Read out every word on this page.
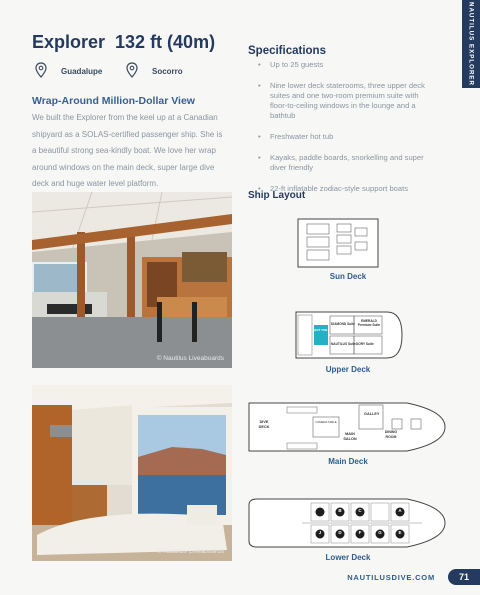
NAUTILUS EXPLORER
Explorer 132 ft (40m)
Guadalupe	Socorro
Wrap-Around Million-Dollar View
We built the Explorer from the keel up at a Canadian
shipyard as a SOLAS-certified passenger ship. She is
a beautiful strong sea-kindly boat. We love her wrap
around windows on the main deck, super large dive
deck and huge water level platform.
Specifications
• Up to 25 guests
• Nine lower deck staterooms, three upper deck suites and one two-room premium suite with floor-to-ceiling windows in the lounge and a bathtub
• Freshwater hot tub
• Kayaks, paddle boards, snorkelling and super diver friendly
• 22-ft inflatable zodiac-style support boats
Ship Layout
© Nautilus Liveaboards
© Nautilus Liveaboards
Sun Deck
HOT TUB
DIAMOND Suite
EMERALD Premium Suite
NAUTILUS Suite DORY Suite
Upper Deck
DIVE DECK
GALLEY
MAIN SALON
DINING ROOM
CAMERA TABLE
Main Deck
B	C	A
J	D	F	G	E
Lower Deck
NAUTILUSDIVE.COM	71
